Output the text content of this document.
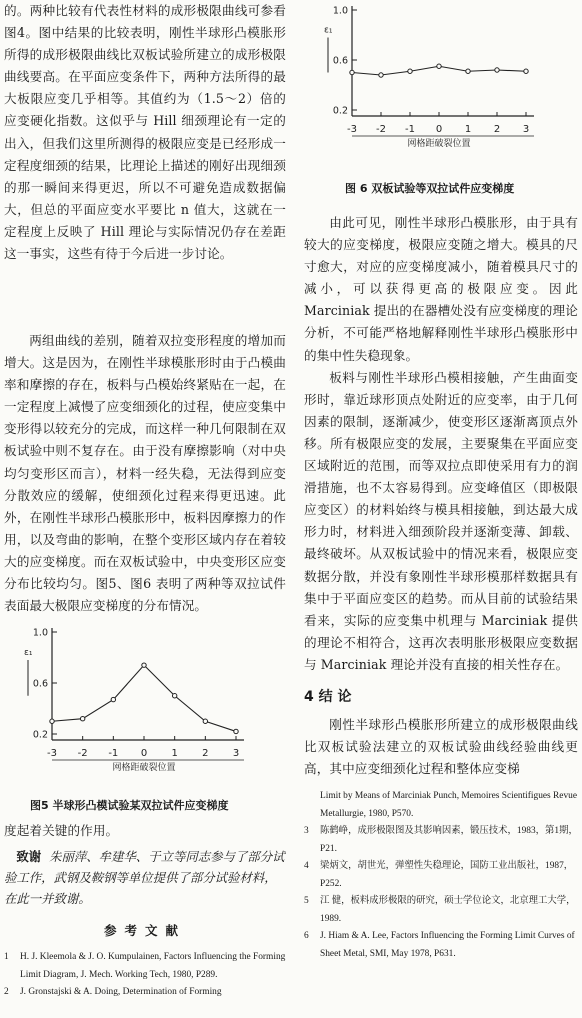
的。两种比较有代表性材料的成形极限曲线可参看图4。图中结果的比较表明，刚性半球形凸模胀形所得的成形极限曲线比双板试验所建立的成形极限曲线要高。在平面应变条件下，两种方法所得的最大板限应变几乎相等。其值约为（1.5～2）倍的应变硬化指数。这似乎与 Hill 细颈理论有一定的出入，但我们这里所测得的极限应变是已经形成一定程度细颈的结果，比理论上描述的刚好出现细颈的那一瞬间来得更迟，所以不可避免造成数据偏大，但总的平面应变水平要比 n 值大，这就在一定程度上反映了 Hill 理论与实际情况仍存在差距这一事实，这些有待于今后进一步讨论。

两组曲线的差别，随着双拉变形程度的增加而增大。这是因为，在刚性半球模胀形时由于凸模曲率和摩擦的存在，板料与凸模始终紧贴在一起，在一定程度上减慢了应变细颈化的过程，使应变集中变形得以较充分的完成，而这样一种几何限制在双板试验中则不复存在。由于没有摩擦影响（对中央均匀变形区而言），材料一经失稳，无法得到应变分散效应的缓解，使细颈化过程来得更迅速。此外，在刚性半球形凸模胀形中，板料因摩擦力的作用，以及弯曲的影响，在整个变形区域内存在着较大的应变梯度。而在双板试验中，中央变形区应变分布比较均匀。图5、图6 表明了两种等双拉试件表面最大极限应变梯度的分布情况。

0.2
0.6
1.0
ε₁
-3 -2 -1 0 1 2 3
网格距破裂位置
图5 半球形凸模试验某双拉试件应变梯度

度起着关键的作用。

致谢 朱丽萍、牟建华、于立等同志参与了部分试验工作，武钢及鞍钢等单位提供了部分试验材料，在此一并致谢。

参考文献

1 H. J. Kleemola & J. O. Kumpulainen, Factors Influencing the Forming Limit Diagram, J. Mech. Working Tech, 1980, P289.

2 J. Gronstajski & A. Doing, Determination of Forming

0.2
0.6
1.0
ε₁
-3 -2 -1 0 1 2 3
网格距破裂位置
图 6 双板试验等双拉试件应变梯度

由此可见，刚性半球形凸模胀形，由于具有较大的应变梯度，极限应变随之增大。模具的尺寸愈大，对应的应变梯度减小，随着模具尺寸的减小，可以获得更高的极限应变。因此 Marciniak 提出的在器槽处没有应变梯度的理论分析，不可能严格地解释刚性半球形凸模胀形中的集中性失稳现象。

板料与刚性半球形凸模相接触，产生曲面变形时，靠近球形顶点处附近的应变率，由于几何因素的限制，逐渐减少，使变形区逐渐离顶点外移。所有极限应变的发展，主要聚集在平面应变区域附近的范围，而等双拉点即使采用有力的润滑措施，也不太容易得到。应变峰值区（即极限应变区）的材料始终与模具相接触，到达最大成形力时，材料进入细颈阶段并逐渐变薄、卸载、最终破坏。从双板试验中的情况来看，极限应变数据分散，并没有象刚性半球形模那样数据具有集中于平面应变区的趋势。而从目前的试验结果看来，实际的应变集中机理与 Marciniak 提供的理论不相符合，这再次表明胀形极限应变数据与 Marciniak 理论并没有直接的相关性存在。

4 结 论

刚性半球形凸模胀形所建立的成形极限曲线比双板试验法建立的双板试验曲线经验曲线更高，其中应变细颈化过程和整体应变梯

Limit by Means of Marciniak Punch, Memoires Scientifigues Revue Metallurgie, 1980, P570.

3 陈鹤峥，成形极限图及其影响因素，锻压技术，1983，第1期，P21.

4 梁炳文，胡世光，弹塑性失稳理论，国防工业出版社，1987，P252.

5 江 健，板料成形极限的研究，硕士学位论文，北京理工大学，1989.

6 J. Hiam & A. Lee, Factors Influencing the Forming Limit Curves of Sheet Metal, SMI, May 1978, P631.
